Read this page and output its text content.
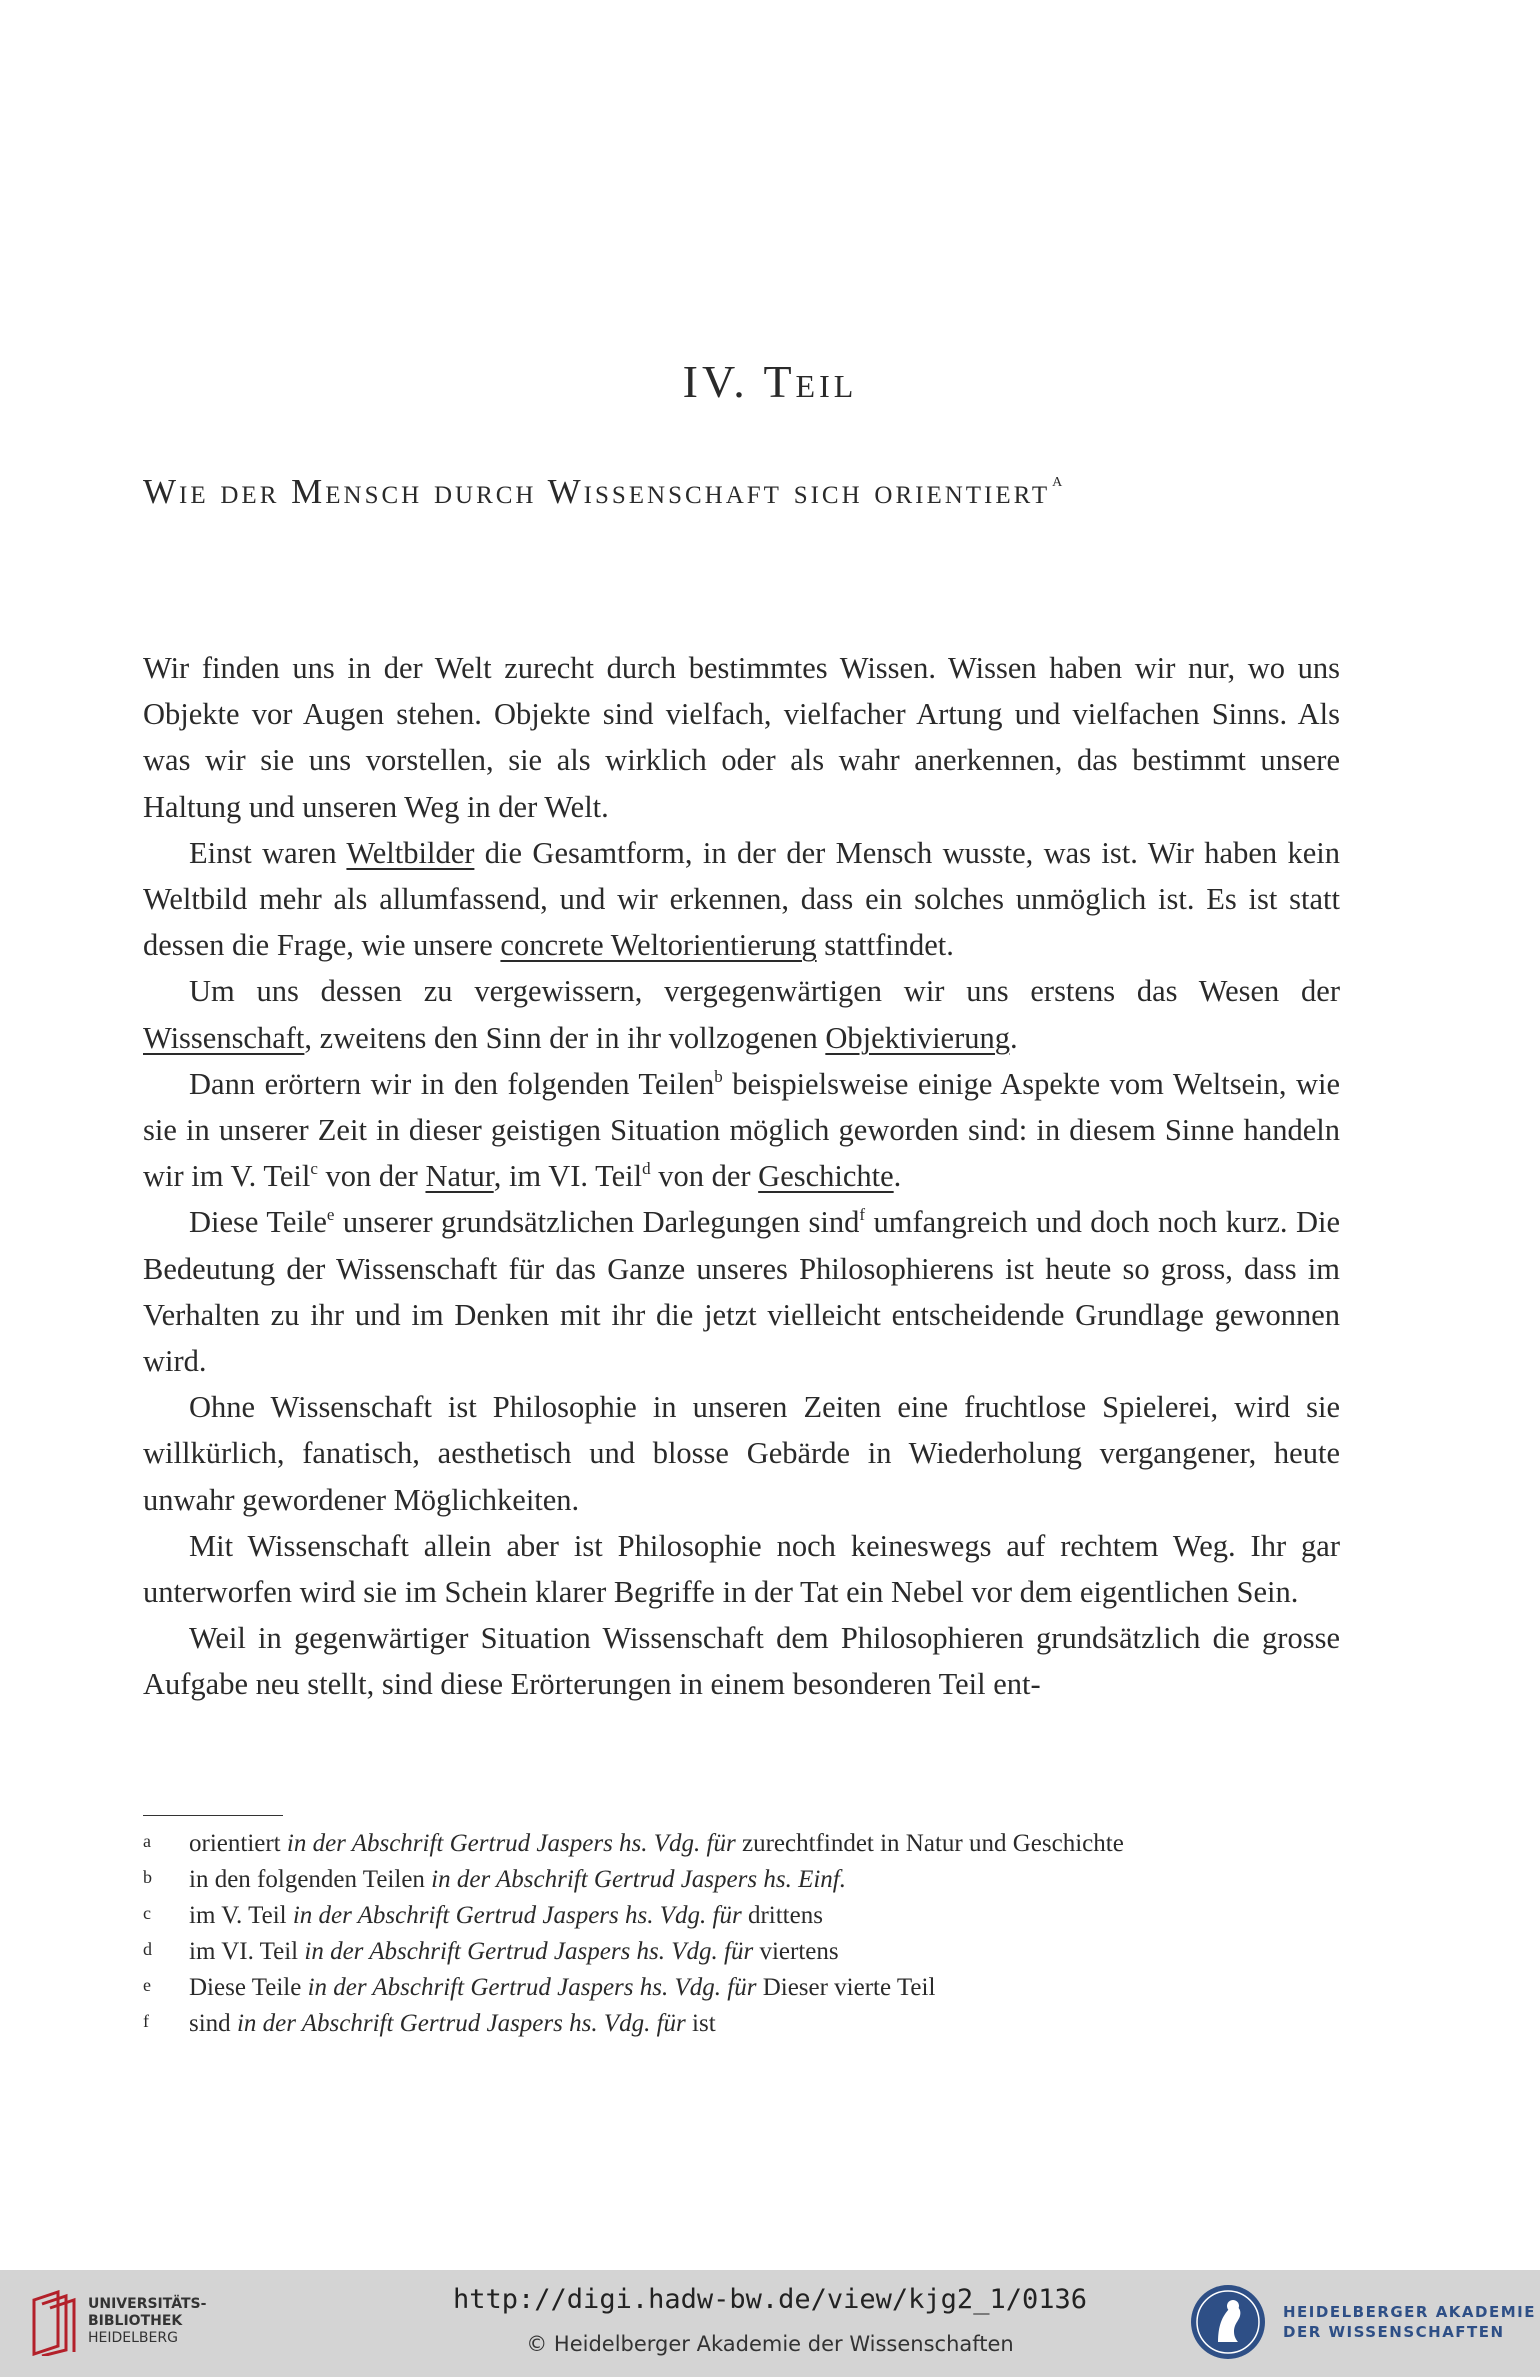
IV. Teil
Wie der Mensch durch Wissenschaft sich orientiert $^a$

Wir finden uns in der Welt zurecht durch bestimmtes Wissen. Wissen haben wir nur, wo uns Objekte vor Augen stehen. Objekte sind vielfach, vielfacher Artung und vielfachen Sinns. Als was wir sie uns vorstellen, sie als wirklich oder als wahr anerkennen, das bestimmt unsere Haltung und unseren Weg in der Welt.

Einst waren Weltbilder die Gesamtform, in der der Mensch wusste, was ist. Wir haben kein Weltbild mehr als allumfassend, und wir erkennen, dass ein solches unmöglich ist. Es ist statt dessen die Frage, wie unsere concrete Weltorientierung stattfindet.

Um uns dessen zu vergewissern, vergegenwärtigen wir uns erstens das Wesen der Wissenschaft, zweitens den Sinn der in ihr vollzogenen Objektivierung.

Dann erörtern wir in den folgenden Teilen$^b$ beispielsweise einige Aspekte vom Weltsein, wie sie in unserer Zeit in dieser geistigen Situation möglich geworden sind: in diesem Sinne handeln wir im V. Teil$^c$ von der Natur, im VI. Teil$^d$ von der Geschichte.

Diese Teile$^e$ unserer grundsätzlichen Darlegungen sind$^f$ umfangreich und doch noch kurz. Die Bedeutung der Wissenschaft für das Ganze unseres Philosophierens ist heute so gross, dass im Verhalten zu ihr und im Denken mit ihr die jetzt vielleicht entscheidende Grundlage gewonnen wird.

Ohne Wissenschaft ist Philosophie in unseren Zeiten eine fruchtlose Spielerei, wird sie willkürlich, fanatisch, aesthetisch und blosse Gebärde in Wiederholung vergangener, heute unwahr gewordener Möglichkeiten.

Mit Wissenschaft allein aber ist Philosophie noch keineswegs auf rechtem Weg. Ihr gar unterworfen wird sie im Schein klarer Begriffe in der Tat ein Nebel vor dem eigentlichen Sein.

Weil in gegenwärtiger Situation Wissenschaft dem Philosophieren grundsätzlich die grosse Aufgabe neu stellt, sind diese Erörterungen in einem besonderen Teil ent-

a	orientiert in der Abschrift Gertrud Jaspers hs. Vdg. für zurechtfindet in Natur und Geschichte
b	in den folgenden Teilen in der Abschrift Gertrud Jaspers hs. Einf.
c	im V. Teil in der Abschrift Gertrud Jaspers hs. Vdg. für drittens
d	im VI. Teil in der Abschrift Gertrud Jaspers hs. Vdg. für viertens
e	Diese Teile in der Abschrift Gertrud Jaspers hs. Vdg. für Dieser vierte Teil
f	sind in der Abschrift Gertrud Jaspers hs. Vdg. für ist
UNIVERSITÄTS-
BIBLIOTHEK
HEIDELBERG
http://digi.hadw-bw.de/view/kjg2_1/0136
© Heidelberger Akademie der Wissenschaften
HEIDELBERGER AKADEMIE
DER WISSENSCHAFTEN
